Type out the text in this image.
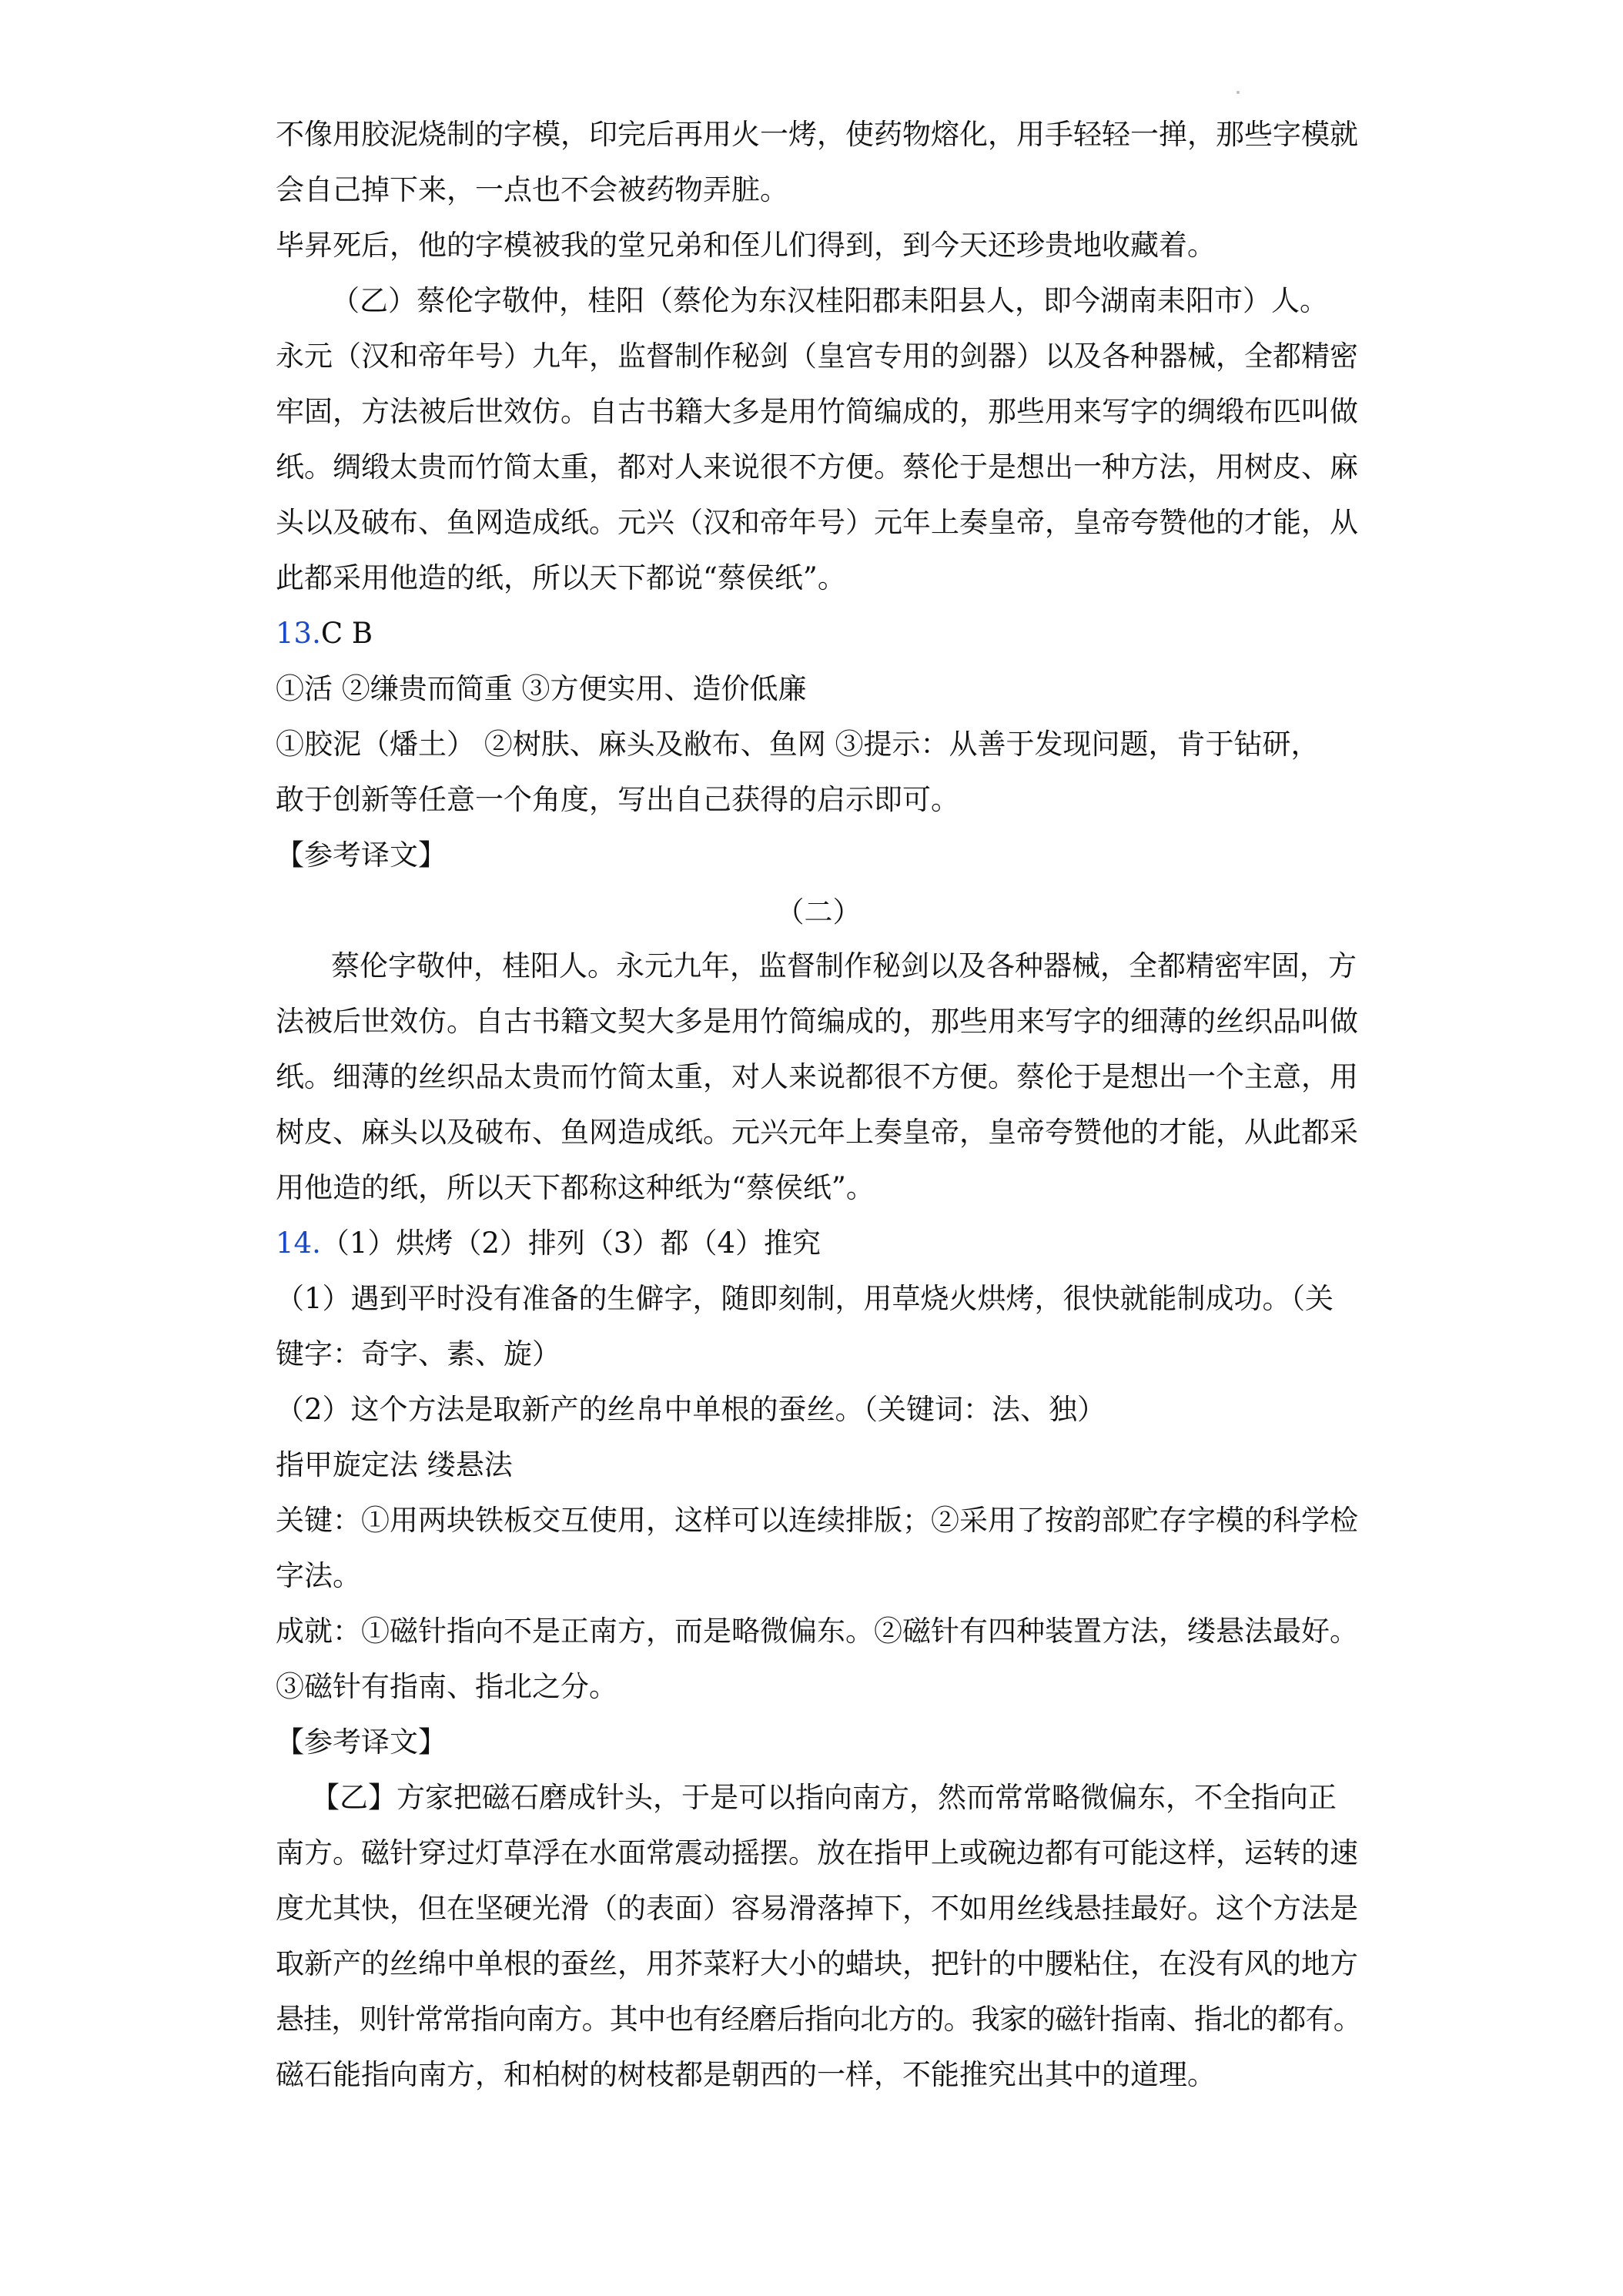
不像用胶泥烧制的字模，印完后再用火一烤，使药物熔化，用手轻轻一掸，那些字模就
会自己掉下来，一点也不会被药物弄脏。
毕昇死后，他的字模被我的堂兄弟和侄儿们得到，到今天还珍贵地收藏着。
（乙）蔡伦字敬仲，桂阳（蔡伦为东汉桂阳郡耒阳县人，即今湖南耒阳市）人。
永元（汉和帝年号）九年，监督制作秘剑（皇宫专用的剑器）以及各种器械，全都精密
牢固，方法被后世效仿。自古书籍大多是用竹简编成的，那些用来写字的绸缎布匹叫做
纸。绸缎太贵而竹简太重，都对人来说很不方便。蔡伦于是想出一种方法，用树皮、麻
头以及破布、鱼网造成纸。元兴（汉和帝年号）元年上奏皇帝，皇帝夸赞他的才能，从
此都采用他造的纸，所以天下都说“蔡侯纸”。
13.C B
①活 ②缣贵而简重 ③方便实用、造价低廉
①胶泥（燔土） ②树肤、麻头及敝布、鱼网 ③提示：从善于发现问题，肯于钻研，
敢于创新等任意一个角度，写出自己获得的启示即可。
【参考译文】
（二）
蔡伦字敬仲，桂阳人。永元九年，监督制作秘剑以及各种器械，全都精密牢固，方
法被后世效仿。自古书籍文契大多是用竹简编成的，那些用来写字的细薄的丝织品叫做
纸。细薄的丝织品太贵而竹简太重，对人来说都很不方便。蔡伦于是想出一个主意，用
树皮、麻头以及破布、鱼网造成纸。元兴元年上奏皇帝，皇帝夸赞他的才能，从此都采
用他造的纸，所以天下都称这种纸为“蔡侯纸”。
14.（1）烘烤（2）排列（3）都（4）推究
（1）遇到平时没有准备的生僻字，随即刻制，用草烧火烘烤，很快就能制成功。（关
键字：奇字、素、旋）
（2）这个方法是取新产的丝帛中单根的蚕丝。（关键词：法、独）
指甲旋定法 缕悬法
关键：①用两块铁板交互使用，这样可以连续排版；②采用了按韵部贮存字模的科学检
字法。
成就：①磁针指向不是正南方，而是略微偏东。②磁针有四种装置方法，缕悬法最好。
③磁针有指南、指北之分。
【参考译文】
【乙】方家把磁石磨成针头，于是可以指向南方，然而常常略微偏东，不全指向正
南方。磁针穿过灯草浮在水面常震动摇摆。放在指甲上或碗边都有可能这样，运转的速
度尤其快，但在坚硬光滑（的表面）容易滑落掉下，不如用丝线悬挂最好。这个方法是
取新产的丝绵中单根的蚕丝，用芥菜籽大小的蜡块，把针的中腰粘住，在没有风的地方
悬挂，则针常常指向南方。其中也有经磨后指向北方的。我家的磁针指南、指北的都有。
磁石能指向南方，和柏树的树枝都是朝西的一样，不能推究出其中的道理。
